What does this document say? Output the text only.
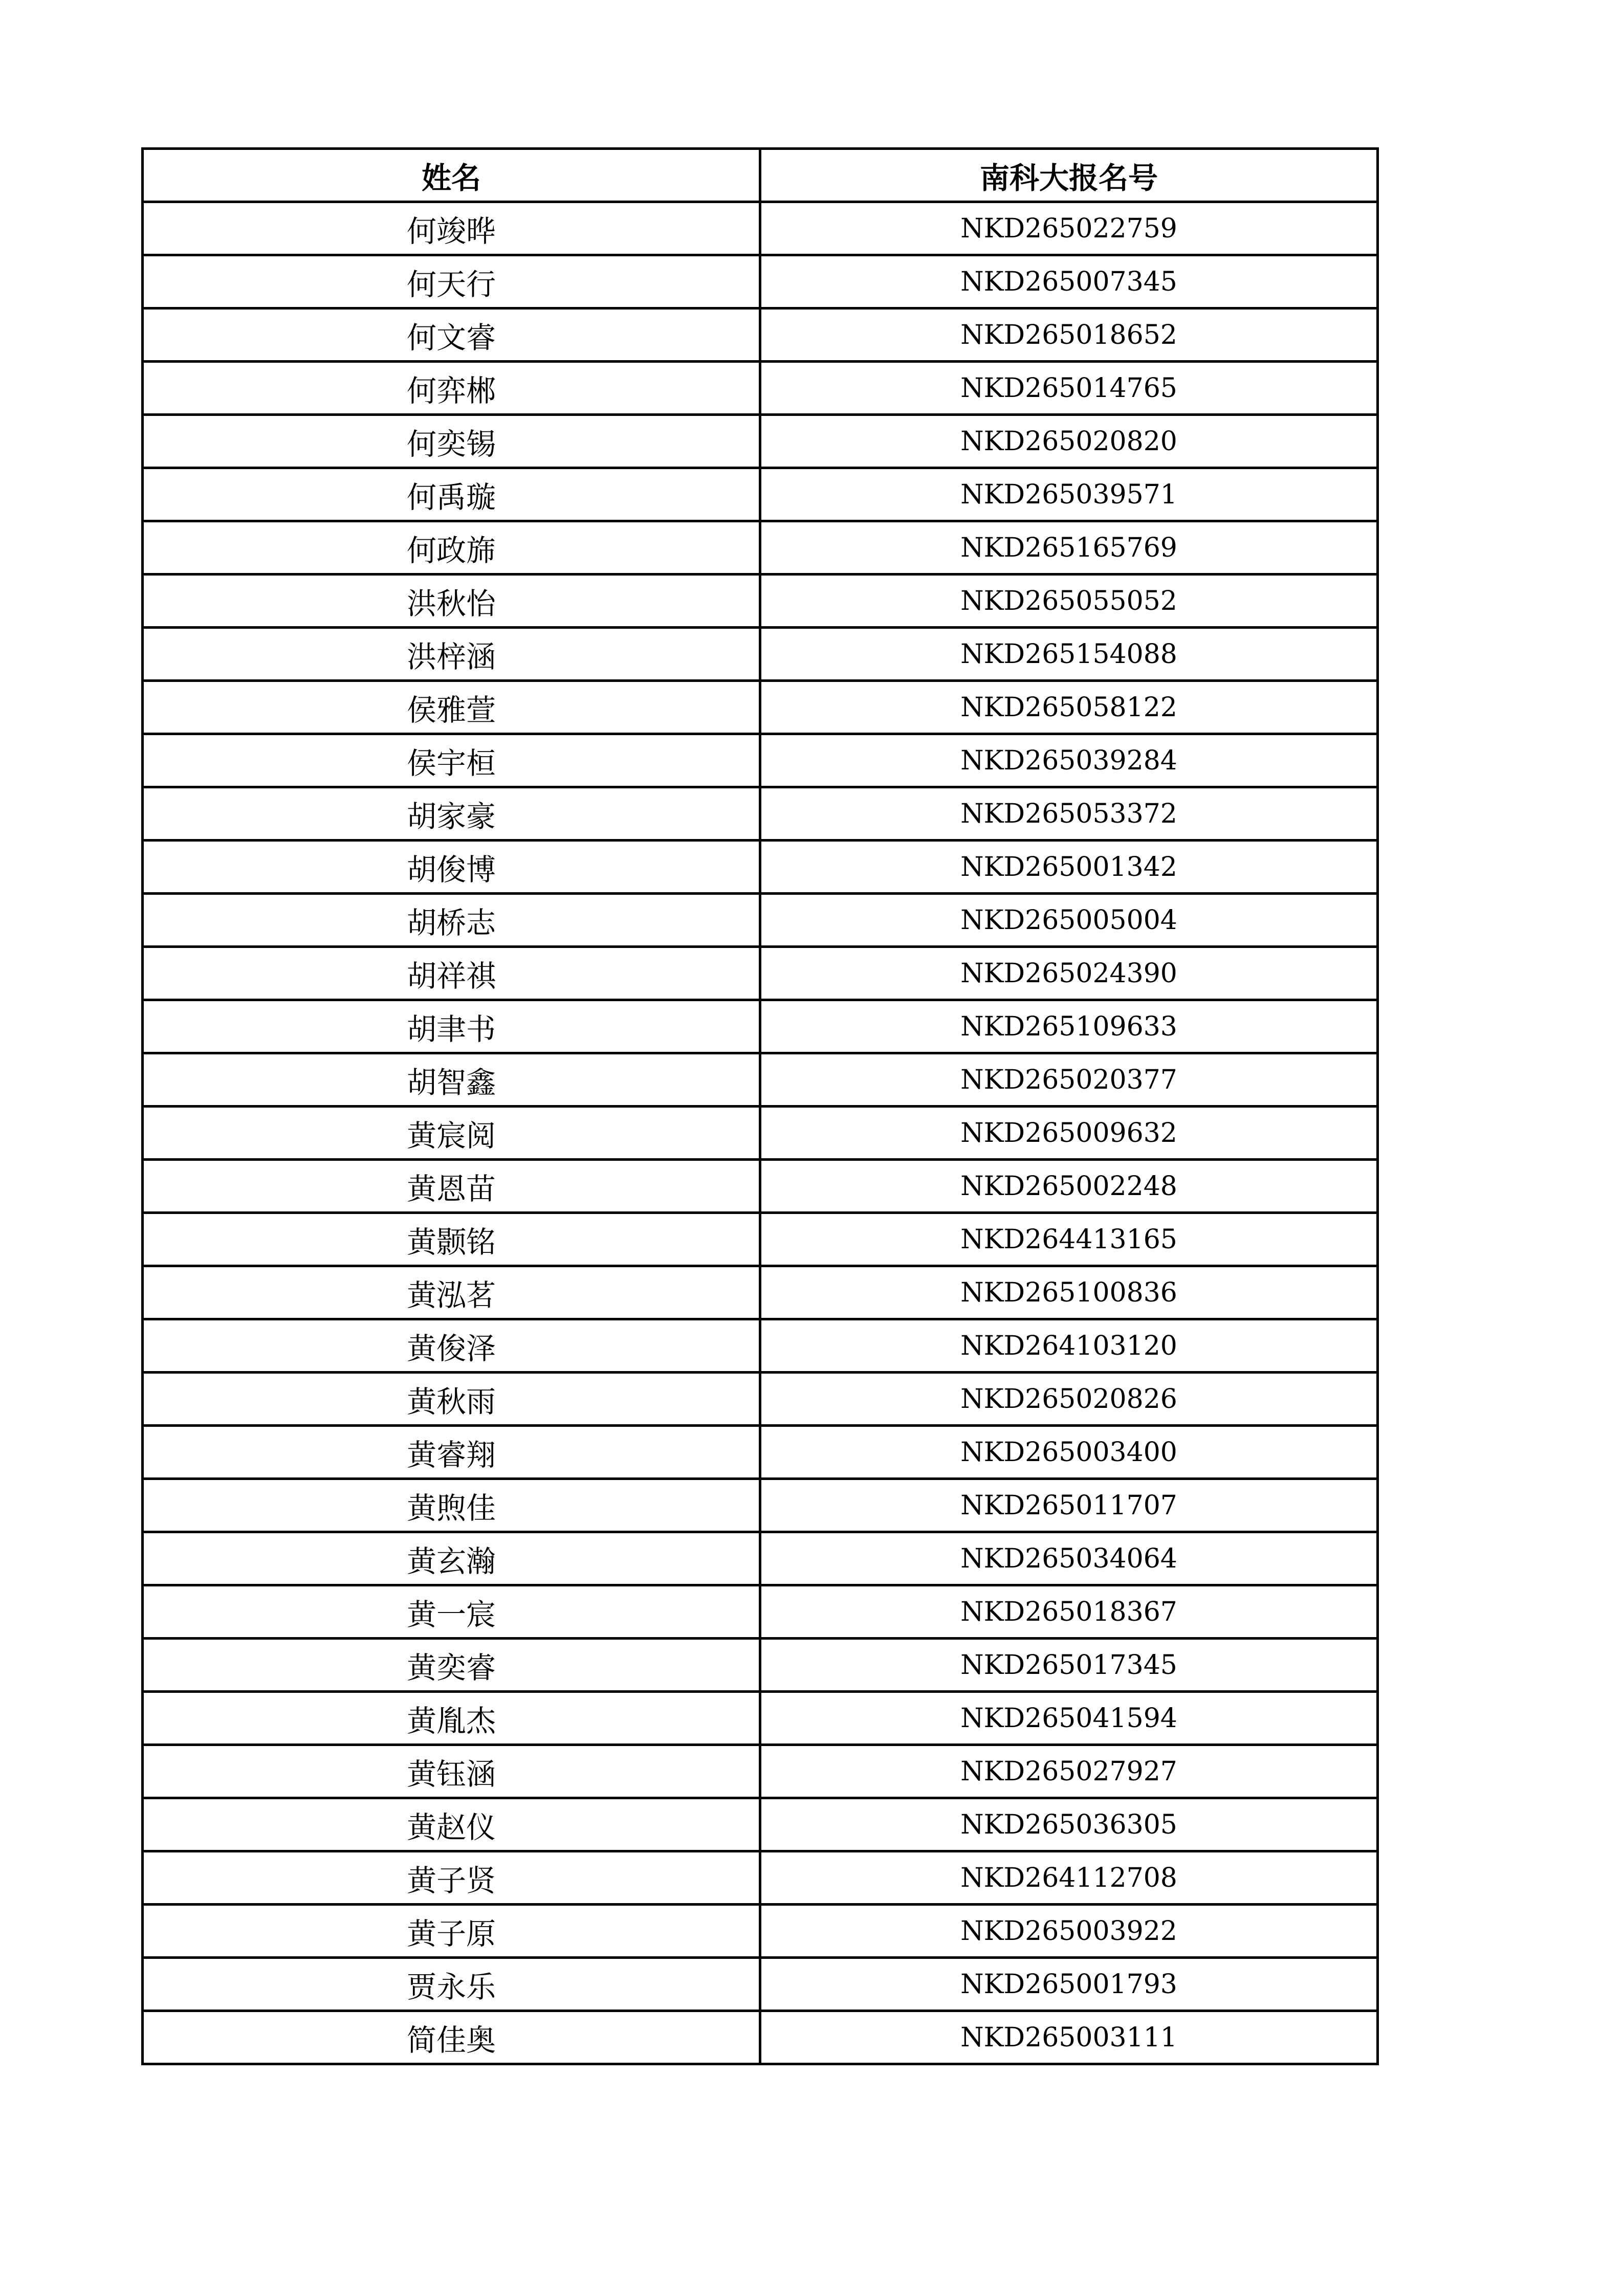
姓名	南科大报名号
何竣晔	NKD265022759
何天行	NKD265007345
何文睿	NKD265018652
何弈郴	NKD265014765
何奕锡	NKD265020820
何禹璇	NKD265039571
何政旆	NKD265165769
洪秋怡	NKD265055052
洪梓涵	NKD265154088
侯雅萱	NKD265058122
侯宇桓	NKD265039284
胡家豪	NKD265053372
胡俊博	NKD265001342
胡桥志	NKD265005004
胡祥祺	NKD265024390
胡聿书	NKD265109633
胡智鑫	NKD265020377
黄宸阅	NKD265009632
黄恩苗	NKD265002248
黄颢铭	NKD264413165
黄泓茗	NKD265100836
黄俊泽	NKD264103120
黄秋雨	NKD265020826
黄睿翔	NKD265003400
黄煦佳	NKD265011707
黄玄瀚	NKD265034064
黄一宸	NKD265018367
黄奕睿	NKD265017345
黄胤杰	NKD265041594
黄钰涵	NKD265027927
黄赵仪	NKD265036305
黄子贤	NKD264112708
黄子原	NKD265003922
贾永乐	NKD265001793
简佳奥	NKD265003111
